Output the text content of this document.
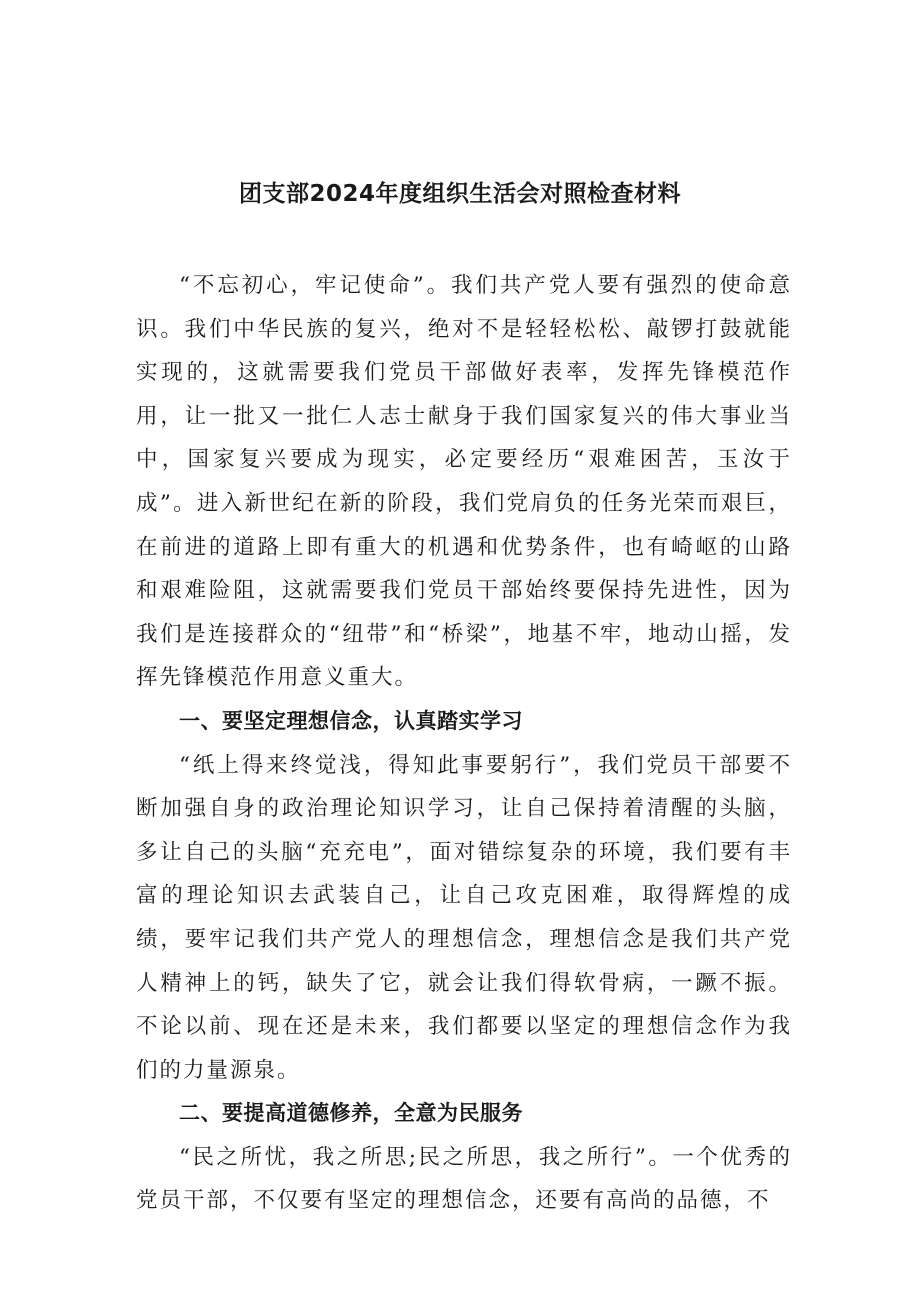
团支部2024年度组织生活会对照检查材料

“不忘初心，牢记使命”。我们共产党人要有强烈的使命意识。我们中华民族的复兴，绝对不是轻轻松松、敲锣打鼓就能实现的，这就需要我们党员干部做好表率，发挥先锋模范作用，让一批又一批仁人志士献身于我们国家复兴的伟大事业当中，国家复兴要成为现实，必定要经历“艰难困苦，玉汝于成”。进入新世纪在新的阶段，我们党肩负的任务光荣而艰巨，在前进的道路上即有重大的机遇和优势条件，也有崎岖的山路和艰难险阻，这就需要我们党员干部始终要保持先进性，因为我们是连接群众的“纽带”和“桥梁”，地基不牢，地动山摇，发挥先锋模范作用意义重大。

一、要坚定理想信念，认真踏实学习

“纸上得来终觉浅，得知此事要躬行”，我们党员干部要不断加强自身的政治理论知识学习，让自己保持着清醒的头脑，多让自己的头脑“充充电”，面对错综复杂的环境，我们要有丰富的理论知识去武装自己，让自己攻克困难，取得辉煌的成绩，要牢记我们共产党人的理想信念，理想信念是我们共产党人精神上的钙，缺失了它，就会让我们得软骨病，一蹶不振。不论以前、现在还是未来，我们都要以坚定的理想信念作为我们的力量源泉。

二、要提高道德修养，全意为民服务

“民之所忧，我之所思;民之所思，我之所行”。一个优秀的党员干部，不仅要有坚定的理想信念，还要有高尚的品德，不
